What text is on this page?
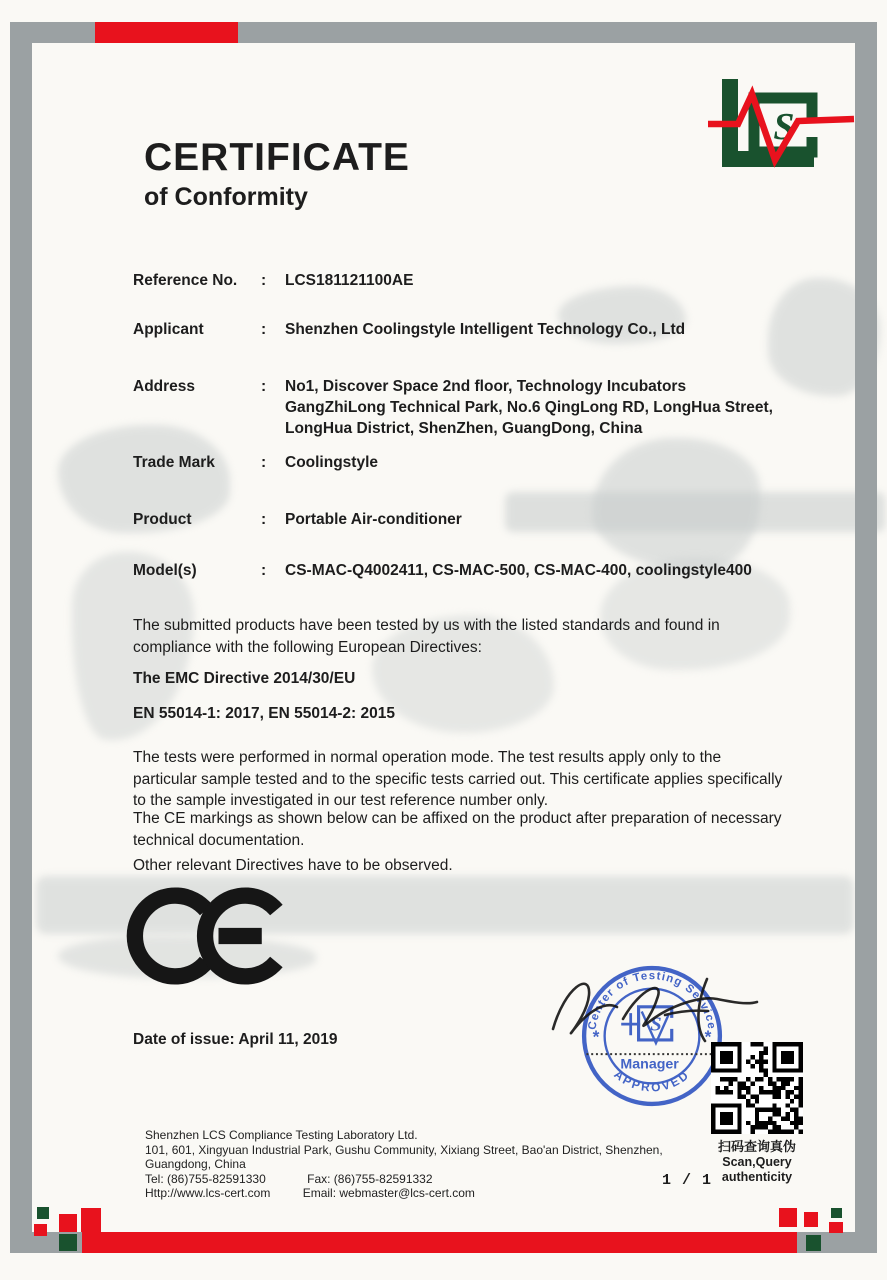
S
CERTIFICATE
of Conformity
Reference No.	:	LCS181121100AE
Applicant	:	Shenzhen Coolingstyle Intelligent Technology Co., Ltd
Address	:	No1, Discover Space 2nd floor, Technology Incubators GangZhiLong Technical Park, No.6 QingLong RD, LongHua Street, LongHua District, ShenZhen, GuangDong, China
Trade Mark	:	Coolingstyle
Product	:	Portable Air-conditioner
Model(s)	:	CS-MAC-Q4002411, CS-MAC-500, CS-MAC-400, coolingstyle400
The submitted products have been tested by us with the listed standards and found in compliance with the following European Directives:
The EMC Directive 2014/30/EU
EN 55014-1: 2017, EN 55014-2: 2015
The tests were performed in normal operation mode. The test results apply only to the particular sample tested and to the specific tests carried out. This certificate applies specifically to the sample investigated in our test reference number only.
The CE markings as shown below can be affixed on the product after preparation of necessary technical documentation.
Other relevant Directives have to be observed.
Date of issue: April 11, 2019
Center of Testing Service
APPROVED
*	*
S
Manager
扫码查询真伪
Scan,Query authenticity
Shenzhen LCS Compliance Testing Laboratory Ltd.
101, 601, Xingyuan Industrial Park, Gushu Community, Xixiang Street, Bao'an District, Shenzhen,
Guangdong, China
Tel: (86)755-82591330	Fax: (86)755-82591332
Http://www.lcs-cert.com	Email: webmaster@lcs-cert.com
1 / 1
